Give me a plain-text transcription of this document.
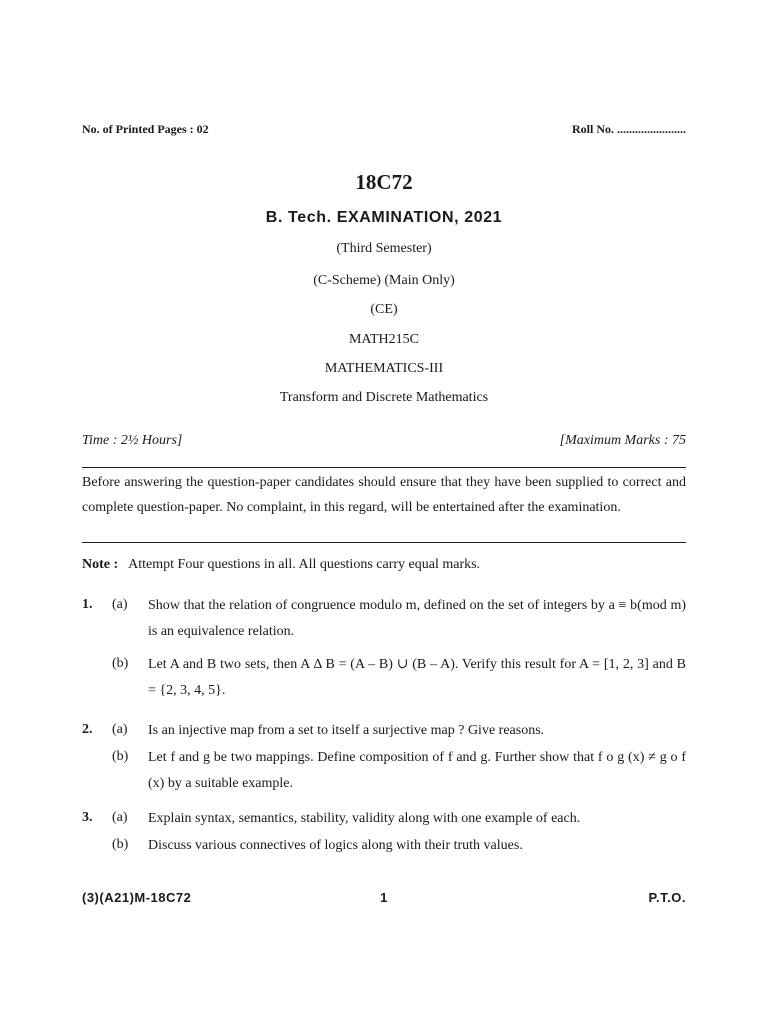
No. of Printed Pages : 02	Roll No. .......................
18C72
B. Tech. EXAMINATION, 2021
(Third Semester)
(C-Scheme) (Main Only)
(CE)
MATH215C
MATHEMATICS-III
Transform and Discrete Mathematics
Time : 2½ Hours]	[Maximum Marks : 75
Before answering the question-paper candidates should ensure that they have been supplied to correct and complete question-paper. No complaint, in this regard, will be entertained after the examination.
Note : Attempt Four questions in all. All questions carry equal marks.
1. (a) Show that the relation of congruence modulo m, defined on the set of integers by a ≡ b(mod m) is an equivalence relation.
(b) Let A and B two sets, then A Δ B = (A – B) ∪ (B – A). Verify this result for A = [1, 2, 3] and B = {2, 3, 4, 5}.
2. (a) Is an injective map from a set to itself a surjective map ? Give reasons.
(b) Let f and g be two mappings. Define composition of f and g. Further show that f o g (x) ≠ g o f (x) by a suitable example.
3. (a) Explain syntax, semantics, stability, validity along with one example of each.
(b) Discuss various connectives of logics along with their truth values.
(3)(A21)M-18C72	1	P.T.O.
